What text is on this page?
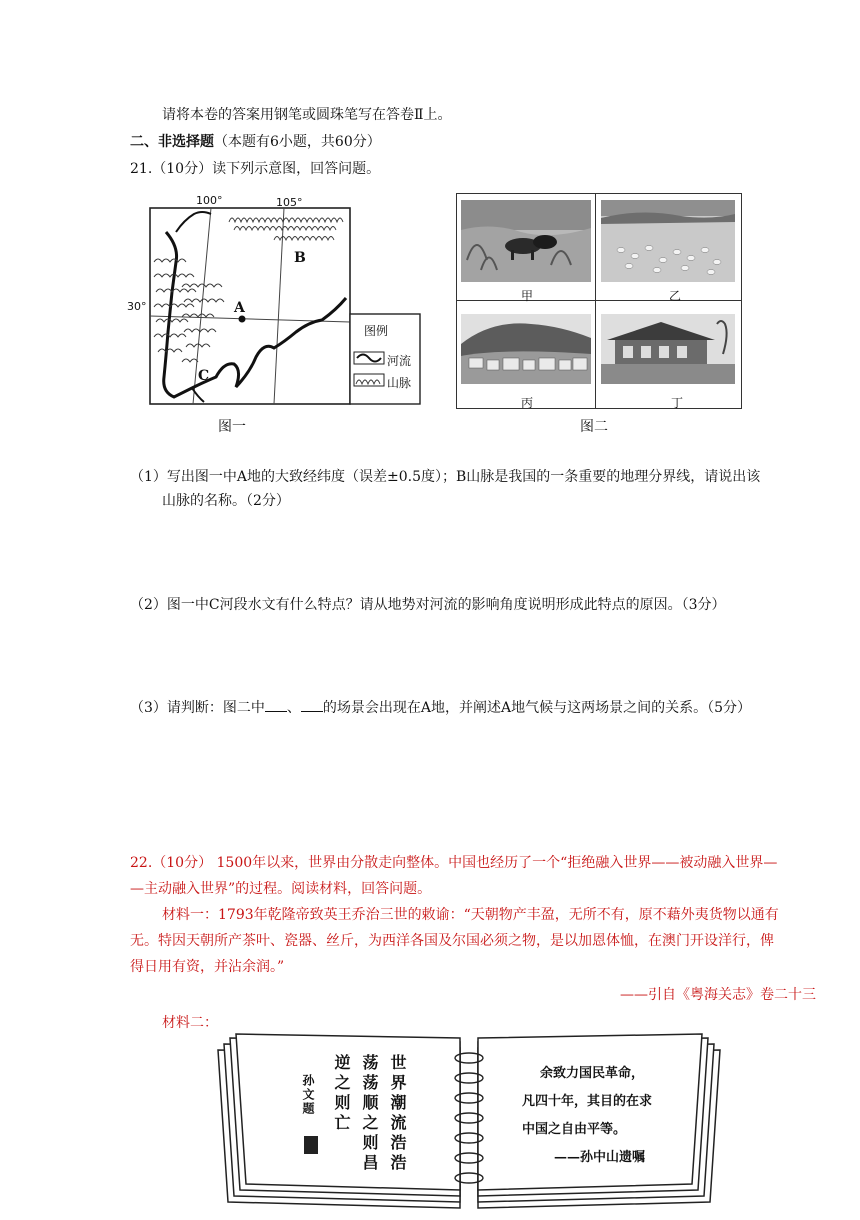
请将本卷的答案用钢笔或圆珠笔写在答卷Ⅱ上。
二、非选择题（本题有6小题，共60分）
21.（10分）读下列示意图，回答问题。
100°	105°
30°	A
B
C
图例
河流
山脉
图一
甲	乙
丙	丁
图二
（1）写出图一中A地的大致经纬度（误差±0.5度）；B山脉是我国的一条重要的地理分界线，请说出该
山脉的名称。（2分）
（2）图一中C河段水文有什么特点？请从地势对河流的影响角度说明形成此特点的原因。（3分）
（3）请判断：图二中 、 的场景会出现在A地，并阐述A地气候与这两场景之间的关系。（5分）
22.（10分） 1500年以来，世界由分散走向整体。中国也经历了一个“拒绝融入世界——被动融入世界—
—主动融入世界”的过程。阅读材料，回答问题。
材料一：1793年乾隆帝致英王乔治三世的敕谕：“天朝物产丰盈，无所不有，原不藉外夷货物以通有
无。特因天朝所产茶叶、瓷器、丝斤，为西洋各国及尔国必须之物，是以加恩体恤，在澳门开设洋行，俾
得日用有资，并沾余润。”
——引自《粤海关志》卷二十三
材料二：
世界潮流浩浩
荡荡顺之则昌
逆之则亡
孙文题
余致力国民革命，
凡四十年，其目的在求
中国之自由平等。
——孙中山遗嘱
